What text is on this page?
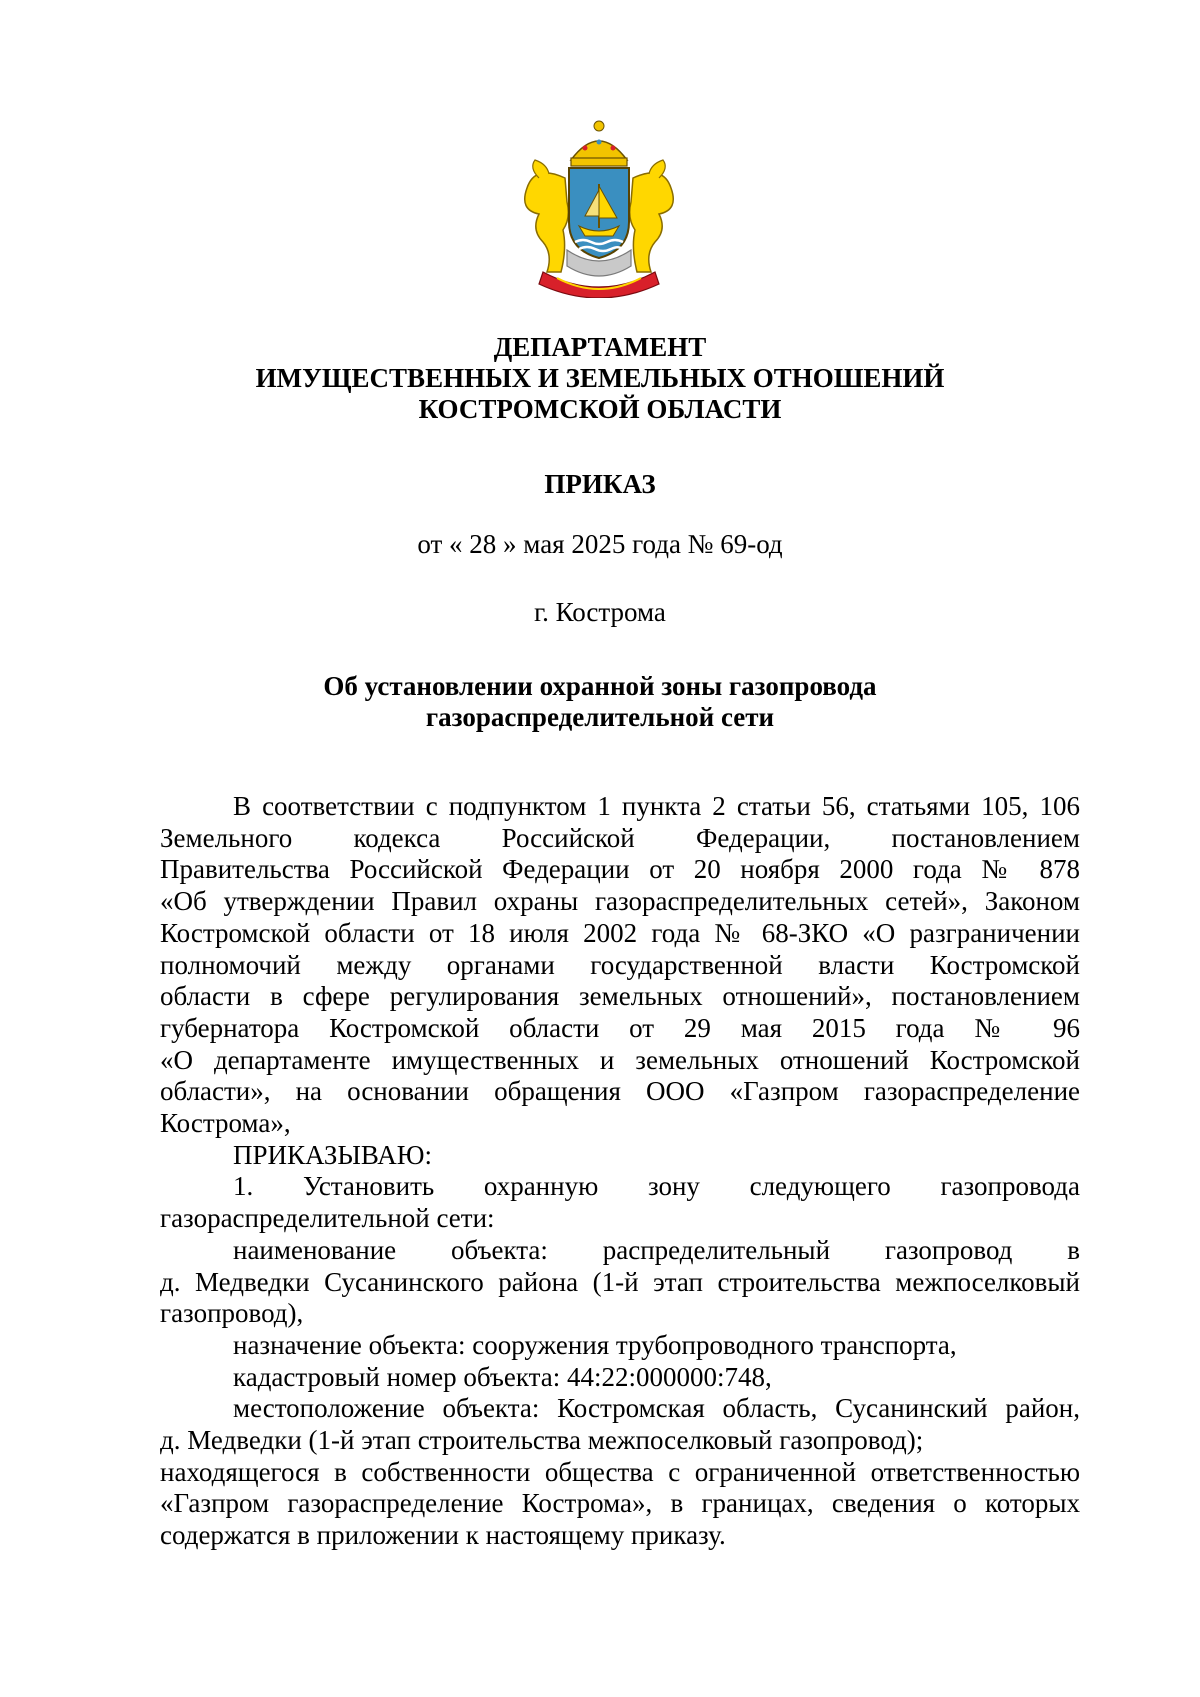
ДЕПАРТАМЕНТ
ИМУЩЕСТВЕННЫХ И ЗЕМЕЛЬНЫХ ОТНОШЕНИЙ
КОСТРОМСКОЙ ОБЛАСТИ
ПРИКАЗ
от « 28 » мая 2025 года № 69-од
г. Кострома
Об установлении охранной зоны газопровода
газораспределительной сети
В соответствии с подпунктом 1 пункта 2 статьи 56, статьями 105, 106
Земельного кодекса Российской Федерации, постановлением
Правительства Российской Федерации от 20 ноября 2000 года № 878
«Об утверждении Правил охраны газораспределительных сетей», Законом
Костромской области от 18 июля 2002 года № 68-ЗКО «О разграничении
полномочий между органами государственной власти Костромской
области в сфере регулирования земельных отношений», постановлением
губернатора Костромской области от 29 мая 2015 года № 96
«О департаменте имущественных и земельных отношений Костромской
области», на основании обращения ООО «Газпром газораспределение
Кострома»,
ПРИКАЗЫВАЮ:
1. Установить охранную зону следующего газопровода
газораспределительной сети:
наименование объекта: распределительный газопровод в
д. Медведки Сусанинского района (1-й этап строительства межпоселковый
газопровод),
назначение объекта: сооружения трубопроводного транспорта,
кадастровый номер объекта: 44:22:000000:748,
местоположение объекта: Костромская область, Сусанинский район,
д. Медведки (1-й этап строительства межпоселковый газопровод);
находящегося в собственности общества с ограниченной ответственностью
«Газпром газораспределение Кострома», в границах, сведения о которых
содержатся в приложении к настоящему приказу.
